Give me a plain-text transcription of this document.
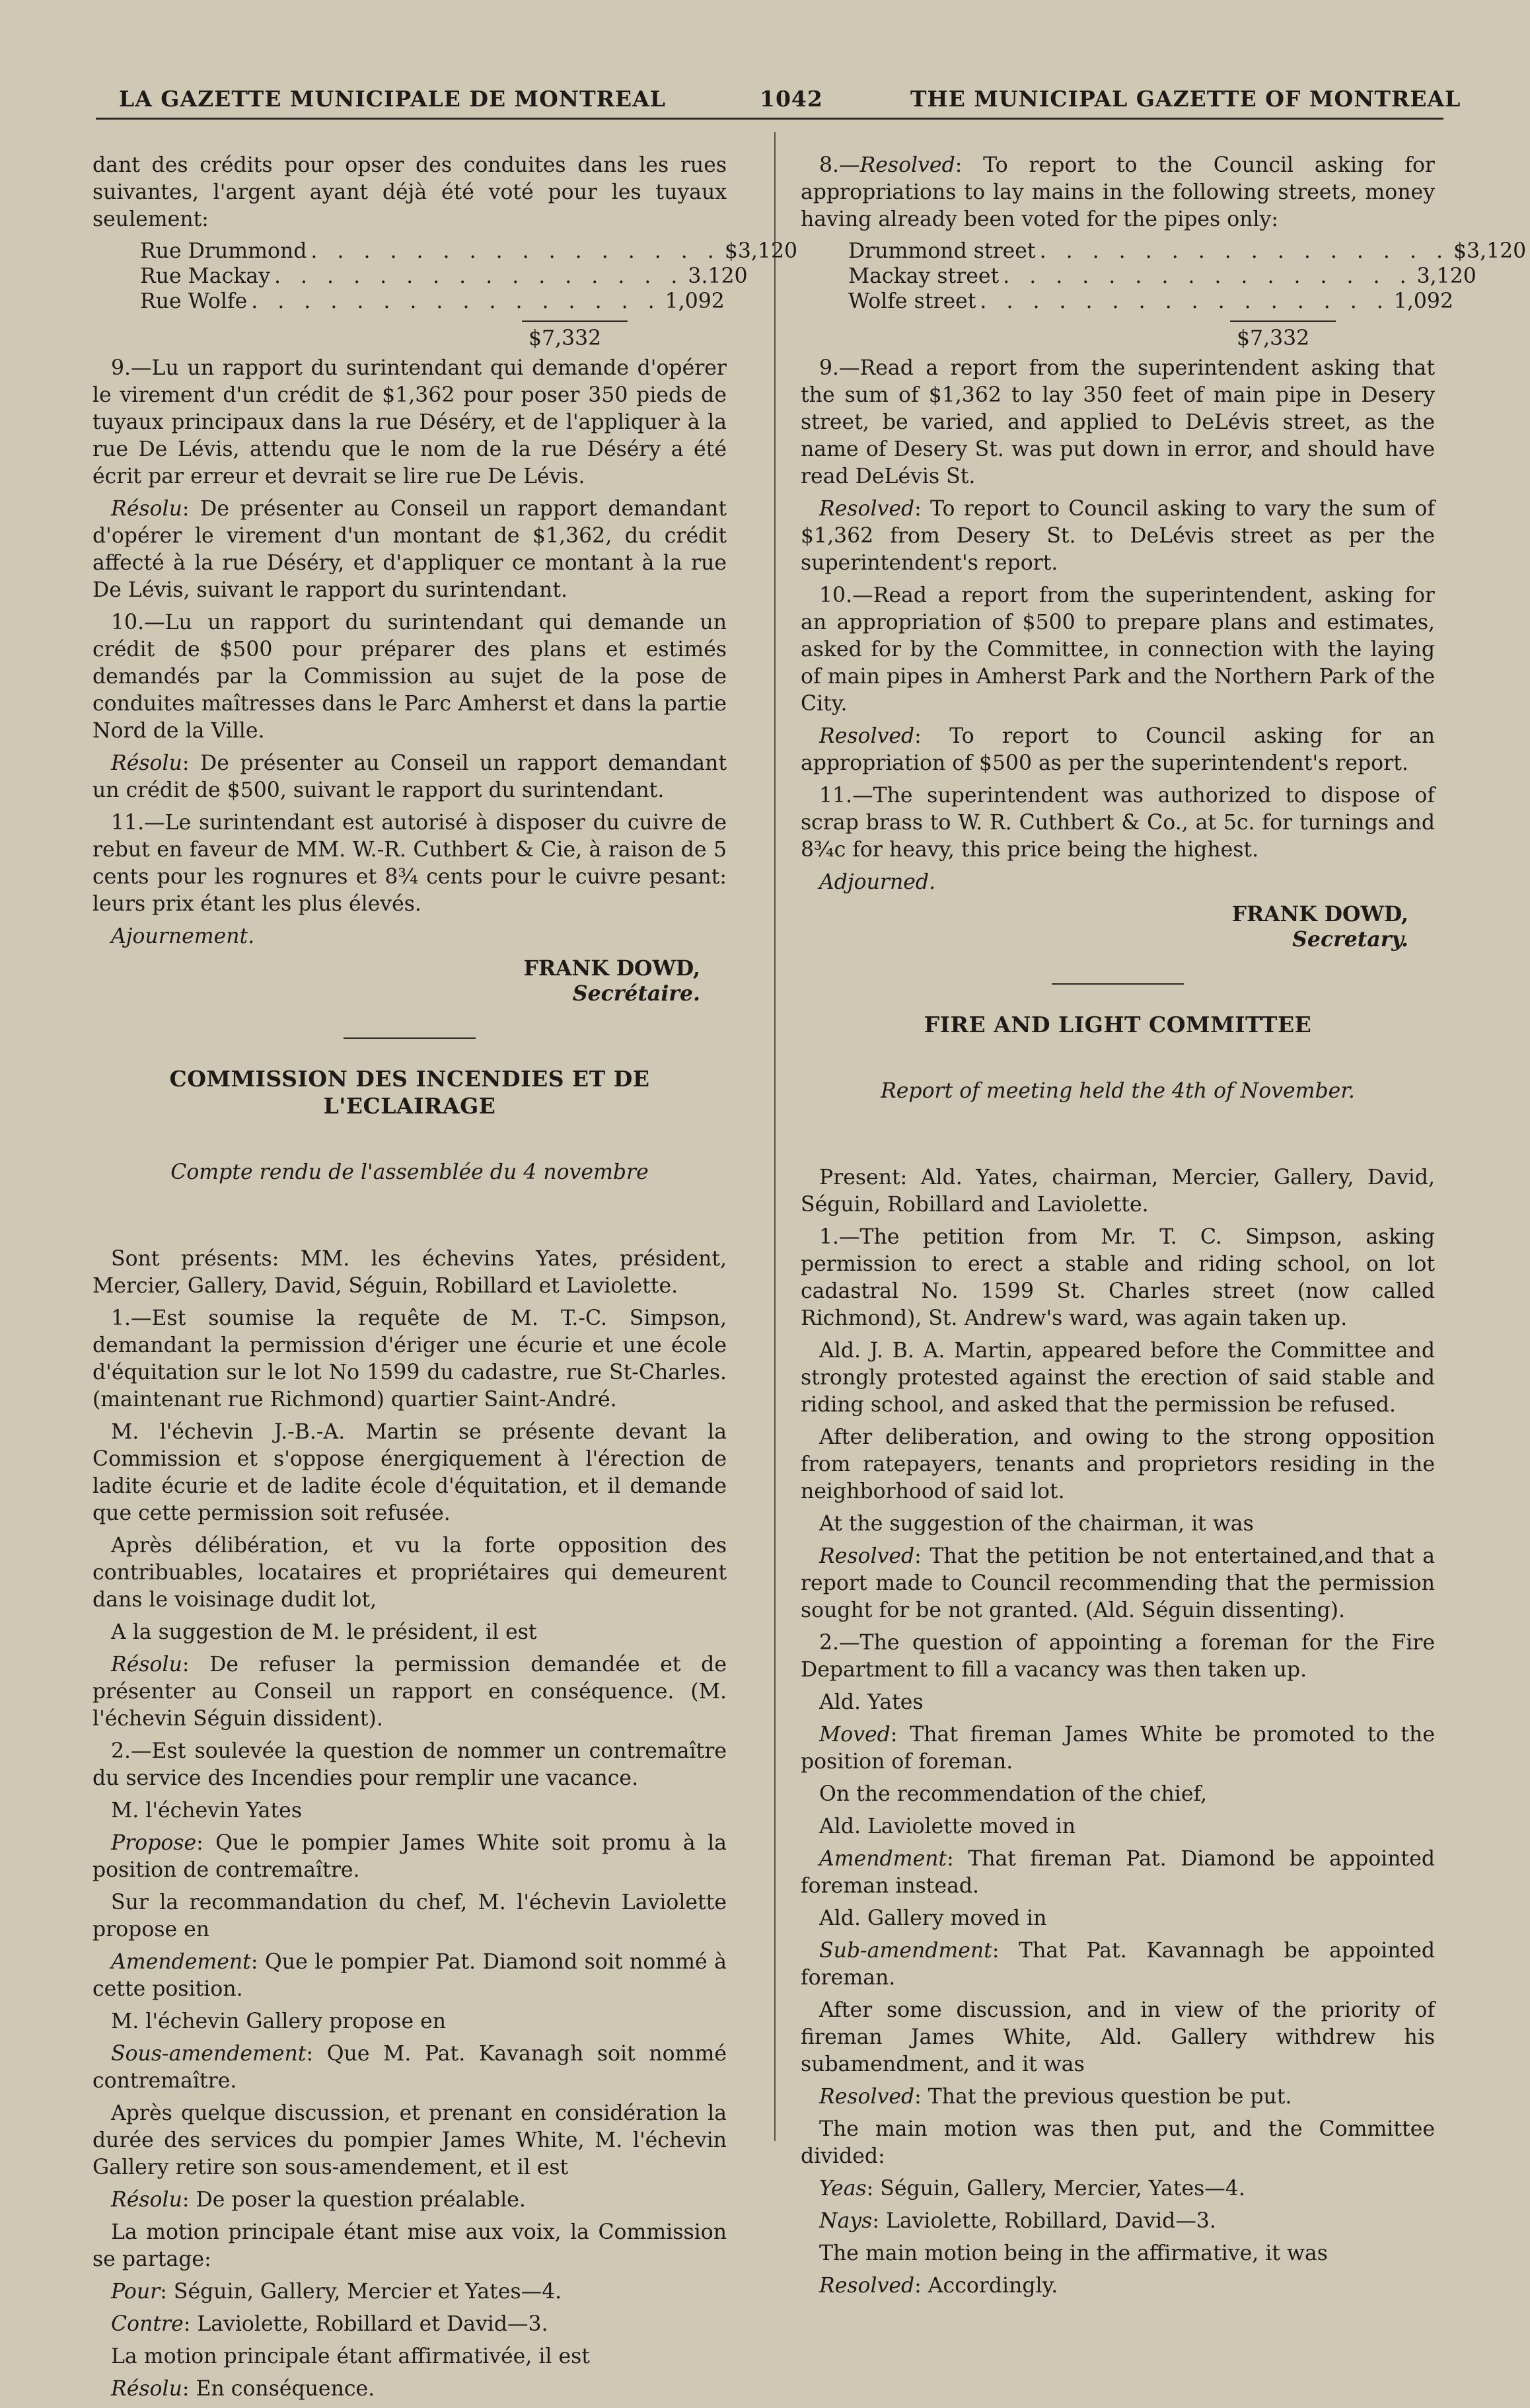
LA GAZETTE MUNICIPALE DE MONTREAL	1042	THE MUNICIPAL GAZETTE OF MONTREAL

dant des crédits pour opser des conduites dans les rues suivantes, l'argent ayant déjà été voté pour les tuyaux seulement:

Rue Drummond . . . . . . . . . . . . . . . . $3,120
Rue Mackay . . . . . . . . . . . . . . . . 3.120
Rue Wolfe . . . . . . . . . . . . . . . . 1,092
$7,332

9.—Lu un rapport du surintendant qui demande d'opérer le virement d'un crédit de $1,362 pour poser 350 pieds de tuyaux principaux dans la rue Déséry, et de l'appliquer à la rue De Lévis, attendu que le nom de la rue Déséry a été écrit par erreur et devrait se lire rue De Lévis.

Résolu: De présenter au Conseil un rapport demandant d'opérer le virement d'un montant de $1,362, du crédit affecté à la rue Déséry, et d'appliquer ce montant à la rue De Lévis, suivant le rapport du surintendant.

10.—Lu un rapport du surintendant qui demande un crédit de $500 pour préparer des plans et estimés demandés par la Commission au sujet de la pose de conduites maîtresses dans le Parc Amherst et dans la partie Nord de la Ville.

Résolu: De présenter au Conseil un rapport demandant un crédit de $500, suivant le rapport du surintendant.

11.—Le surintendant est autorisé à disposer du cuivre de rebut en faveur de MM. W.-R. Cuthbert & Cie, à raison de 5 cents pour les rognures et 8¾ cents pour le cuivre pesant: leurs prix étant les plus élevés.

Ajournement.

FRANK DOWD,
Secrétaire.
COMMISSION DES INCENDIES ET DE L'ECLAIRAGE
Compte rendu de l'assemblée du 4 novembre

Sont présents: MM. les échevins Yates, président, Mercier, Gallery, David, Séguin, Robillard et Laviolette.

1.—Est soumise la requête de M. T.-C. Simpson, demandant la permission d'ériger une écurie et une école d'équitation sur le lot No 1599 du cadastre, rue St-Charles. (maintenant rue Richmond) quartier Saint-André.

M. l'échevin J.-B.-A. Martin se présente devant la Commission et s'oppose énergiquement à l'érection de ladite écurie et de ladite école d'équitation, et il demande que cette permission soit refusée.

Après délibération, et vu la forte opposition des contribuables, locataires et propriétaires qui demeurent dans le voisinage dudit lot,

A la suggestion de M. le président, il est

Résolu: De refuser la permission demandée et de présenter au Conseil un rapport en conséquence. (M. l'échevin Séguin dissident).

2.—Est soulevée la question de nommer un contremaître du service des Incendies pour remplir une vacance.

M. l'échevin Yates

Propose: Que le pompier James White soit promu à la position de contremaître.

Sur la recommandation du chef, M. l'échevin Laviolette propose en

Amendement: Que le pompier Pat. Diamond soit nommé à cette position.

M. l'échevin Gallery propose en

Sous-amendement: Que M. Pat. Kavanagh soit nommé contremaître.

Après quelque discussion, et prenant en considération la durée des services du pompier James White, M. l'échevin Gallery retire son sous-amendement, et il est

Résolu: De poser la question préalable.

La motion principale étant mise aux voix, la Commission se partage:

Pour: Séguin, Gallery, Mercier et Yates—4.

Contre: Laviolette, Robillard et David—3.

La motion principale étant affirmativée, il est

Résolu: En conséquence.

8.—Resolved: To report to the Council asking for appropriations to lay mains in the following streets, money having already been voted for the pipes only:

Drummond street . . . . . . . . . . . . . . . . $3,120
Mackay street . . . . . . . . . . . . . . . . 3,120
Wolfe street . . . . . . . . . . . . . . . . 1,092
$7,332

9.—Read a report from the superintendent asking that the sum of $1,362 to lay 350 feet of main pipe in Desery street, be varied, and applied to DeLévis street, as the name of Desery St. was put down in error, and should have read DeLévis St.

Resolved: To report to Council asking to vary the sum of $1,362 from Desery St. to DeLévis street as per the superintendent's report.

10.—Read a report from the superintendent, asking for an appropriation of $500 to prepare plans and estimates, asked for by the Committee, in connection with the laying of main pipes in Amherst Park and the Northern Park of the City.

Resolved: To report to Council asking for an appropriation of $500 as per the superintendent's report.

11.—The superintendent was authorized to dispose of scrap brass to W. R. Cuthbert & Co., at 5c. for turnings and 8¾c for heavy, this price being the highest.

Adjourned.

FRANK DOWD,
Secretary.
FIRE AND LIGHT COMMITTEE
Report of meeting held the 4th of November.

Present: Ald. Yates, chairman, Mercier, Gallery, David, Séguin, Robillard and Laviolette.

1.—The petition from Mr. T. C. Simpson, asking permission to erect a stable and riding school, on lot cadastral No. 1599 St. Charles street (now called Richmond), St. Andrew's ward, was again taken up.

Ald. J. B. A. Martin, appeared before the Committee and strongly protested against the erection of said stable and riding school, and asked that the permission be refused.

After deliberation, and owing to the strong opposition from ratepayers, tenants and proprietors residing in the neighborhood of said lot.

At the suggestion of the chairman, it was

Resolved: That the petition be not entertained,and that a report made to Council recommending that the permission sought for be not granted. (Ald. Séguin dissenting).

2.—The question of appointing a foreman for the Fire Department to fill a vacancy was then taken up.

Ald. Yates

Moved: That fireman James White be promoted to the position of foreman.

On the recommendation of the chief,

Ald. Laviolette moved in

Amendment: That fireman Pat. Diamond be appointed foreman instead.

Ald. Gallery moved in

Sub-amendment: That Pat. Kavannagh be appointed foreman.

After some discussion, and in view of the priority of fireman James White, Ald. Gallery withdrew his subamendment, and it was

Resolved: That the previous question be put.

The main motion was then put, and the Committee divided:

Yeas: Séguin, Gallery, Mercier, Yates—4.

Nays: Laviolette, Robillard, David—3.

The main motion being in the affirmative, it was

Resolved: Accordingly.
